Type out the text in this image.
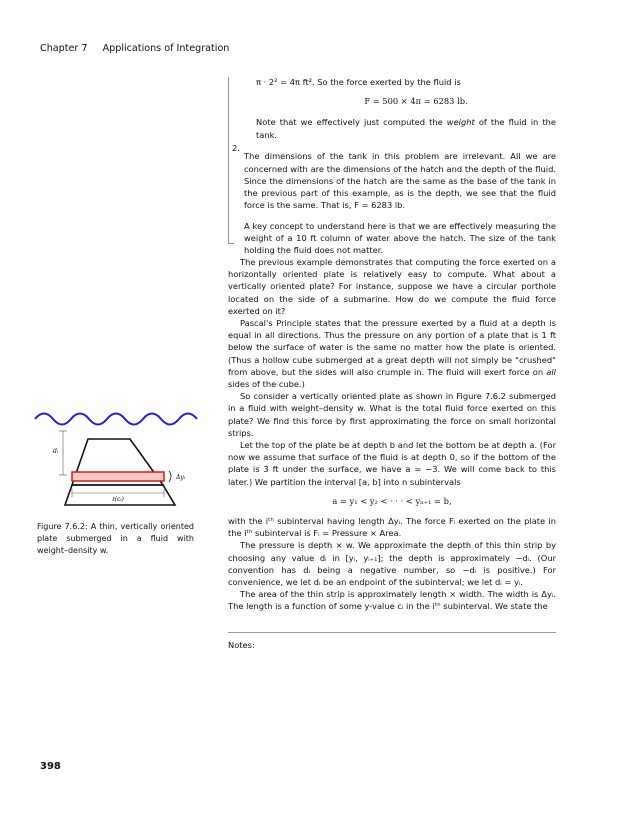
Chapter 7 Applications of Integration

π · 2² = 4π ft². So the force exerted by the fluid is

F = 500 × 4π = 6283 lb.

Note that we effectively just computed the weight of the fluid in the tank.

2.

The dimensions of the tank in this problem are irrelevant. All we are concerned with are the dimensions of the hatch and the depth of the fluid. Since the dimensions of the hatch are the same as the base of the tank in the previous part of this example, as is the depth, we see that the fluid force is the same. That is, F = 6283 lb.

A key concept to understand here is that we are effectively measuring the weight of a 10 ft column of water above the hatch. The size of the tank holding the fluid does not matter.

The previous example demonstrates that computing the force exerted on a horizontally oriented plate is relatively easy to compute. What about a vertically oriented plate? For instance, suppose we have a circular porthole located on the side of a submarine. How do we compute the fluid force exerted on it?

Pascal's Principle states that the pressure exerted by a fluid at a depth is equal in all directions. Thus the pressure on any portion of a plate that is 1 ft below the surface of water is the same no matter how the plate is oriented. (Thus a hollow cube submerged at a great depth will not simply be "crushed" from above, but the sides will also crumple in. The fluid will exert force on all sides of the cube.)

So consider a vertically oriented plate as shown in Figure 7.6.2 submerged in a fluid with weight–density w. What is the total fluid force exerted on this plate? We find this force by first approximating the force on small horizontal strips.

Let the top of the plate be at depth b and let the bottom be at depth a. (For now we assume that surface of the fluid is at depth 0, so if the bottom of the plate is 3 ft under the surface, we have a = −3. We will come back to this later.) We partition the interval [a, b] into n subintervals

a = y₁ < y₂ < · · · < yₙ₊₁ = b,

with the iᵗʰ subinterval having length Δyᵢ. The force Fᵢ exerted on the plate in the iᵗʰ subinterval is Fᵢ = Pressure × Area.

The pressure is depth × w. We approximate the depth of this thin strip by choosing any value dᵢ in [yᵢ, yᵢ₊₁]; the depth is approximately −dᵢ. (Our convention has dᵢ being a negative number, so −dᵢ is positive.) For convenience, we let dᵢ be an endpoint of the subinterval; we let dᵢ = yᵢ.

The area of the thin strip is approximately length × width. The width is Δyᵢ. The length is a function of some y-value cᵢ in the iᵗʰ subinterval. We state the

dᵢ
Δyᵢ
ℓ(cᵢ)
Figure 7.6.2: A thin, vertically oriented plate submerged in a fluid with weight–density w.
Notes:
398
